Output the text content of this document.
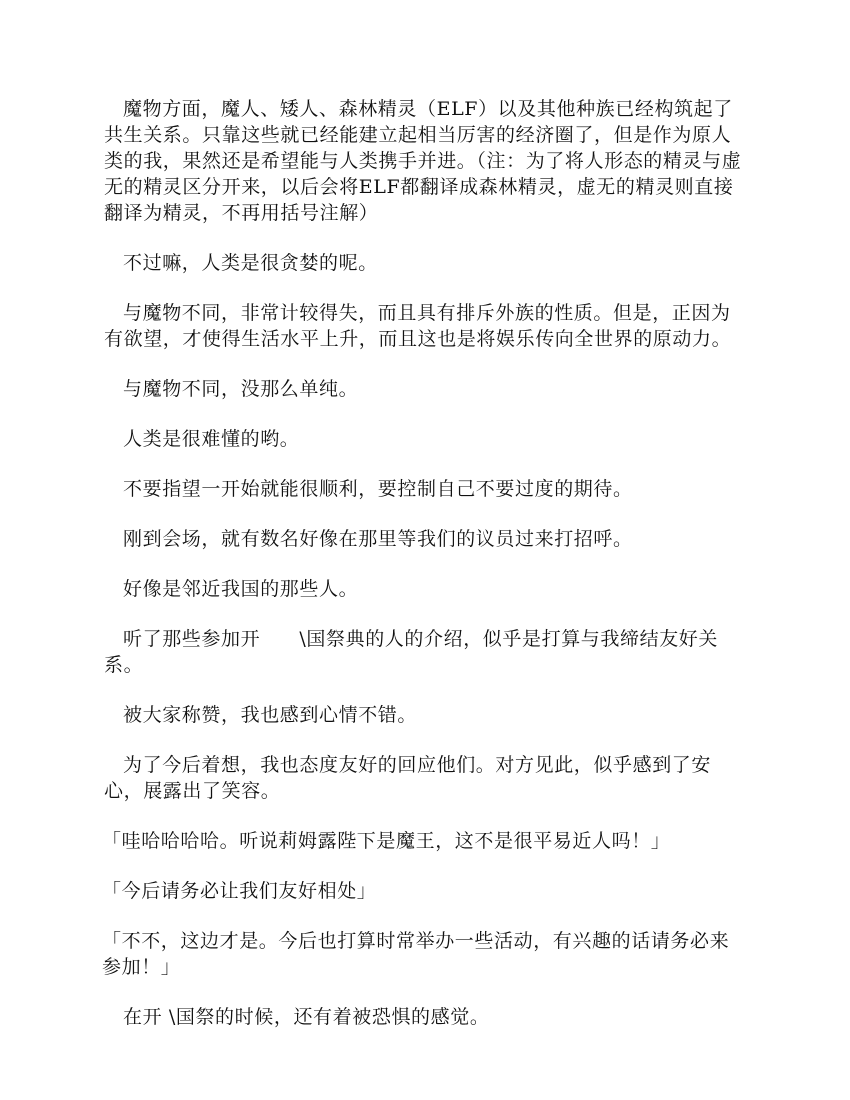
魔物方面，魔人、矮人、森林精灵（ELF）以及其他种族已经构筑起了共生关系。只靠这些就已经能建立起相当厉害的经济圈了，但是作为原人类的我，果然还是希望能与人类携手并进。（注：为了将人形态的精灵与虚无的精灵区分开来，以后会将ELF都翻译成森林精灵，虚无的精灵则直接翻译为精灵，不再用括号注解）

不过嘛，人类是很贪婪的呢。

与魔物不同，非常计较得失，而且具有排斥外族的性质。但是，正因为有欲望，才使得生活水平上升，而且这也是将娱乐传向全世界的原动力。

与魔物不同，没那么单纯。

人类是很难懂的哟。

不要指望一开始就能很顺利，要控制自己不要过度的期待。

刚到会场，就有数名好像在那里等我们的议员过来打招呼。

好像是邻近我国的那些人。

听了那些参加开　　\国祭典的人的介绍，似乎是打算与我缔结友好关系。

被大家称赞，我也感到心情不错。

为了今后着想，我也态度友好的回应他们。对方见此，似乎感到了安心，展露出了笑容。

「哇哈哈哈哈。听说莉姆露陛下是魔王，这不是很平易近人吗！」

「今后请务必让我们友好相处」

「不不，这边才是。今后也打算时常举办一些活动，有兴趣的话请务必来参加！」

在开 \国祭的时候，还有着被恐惧的感觉。
